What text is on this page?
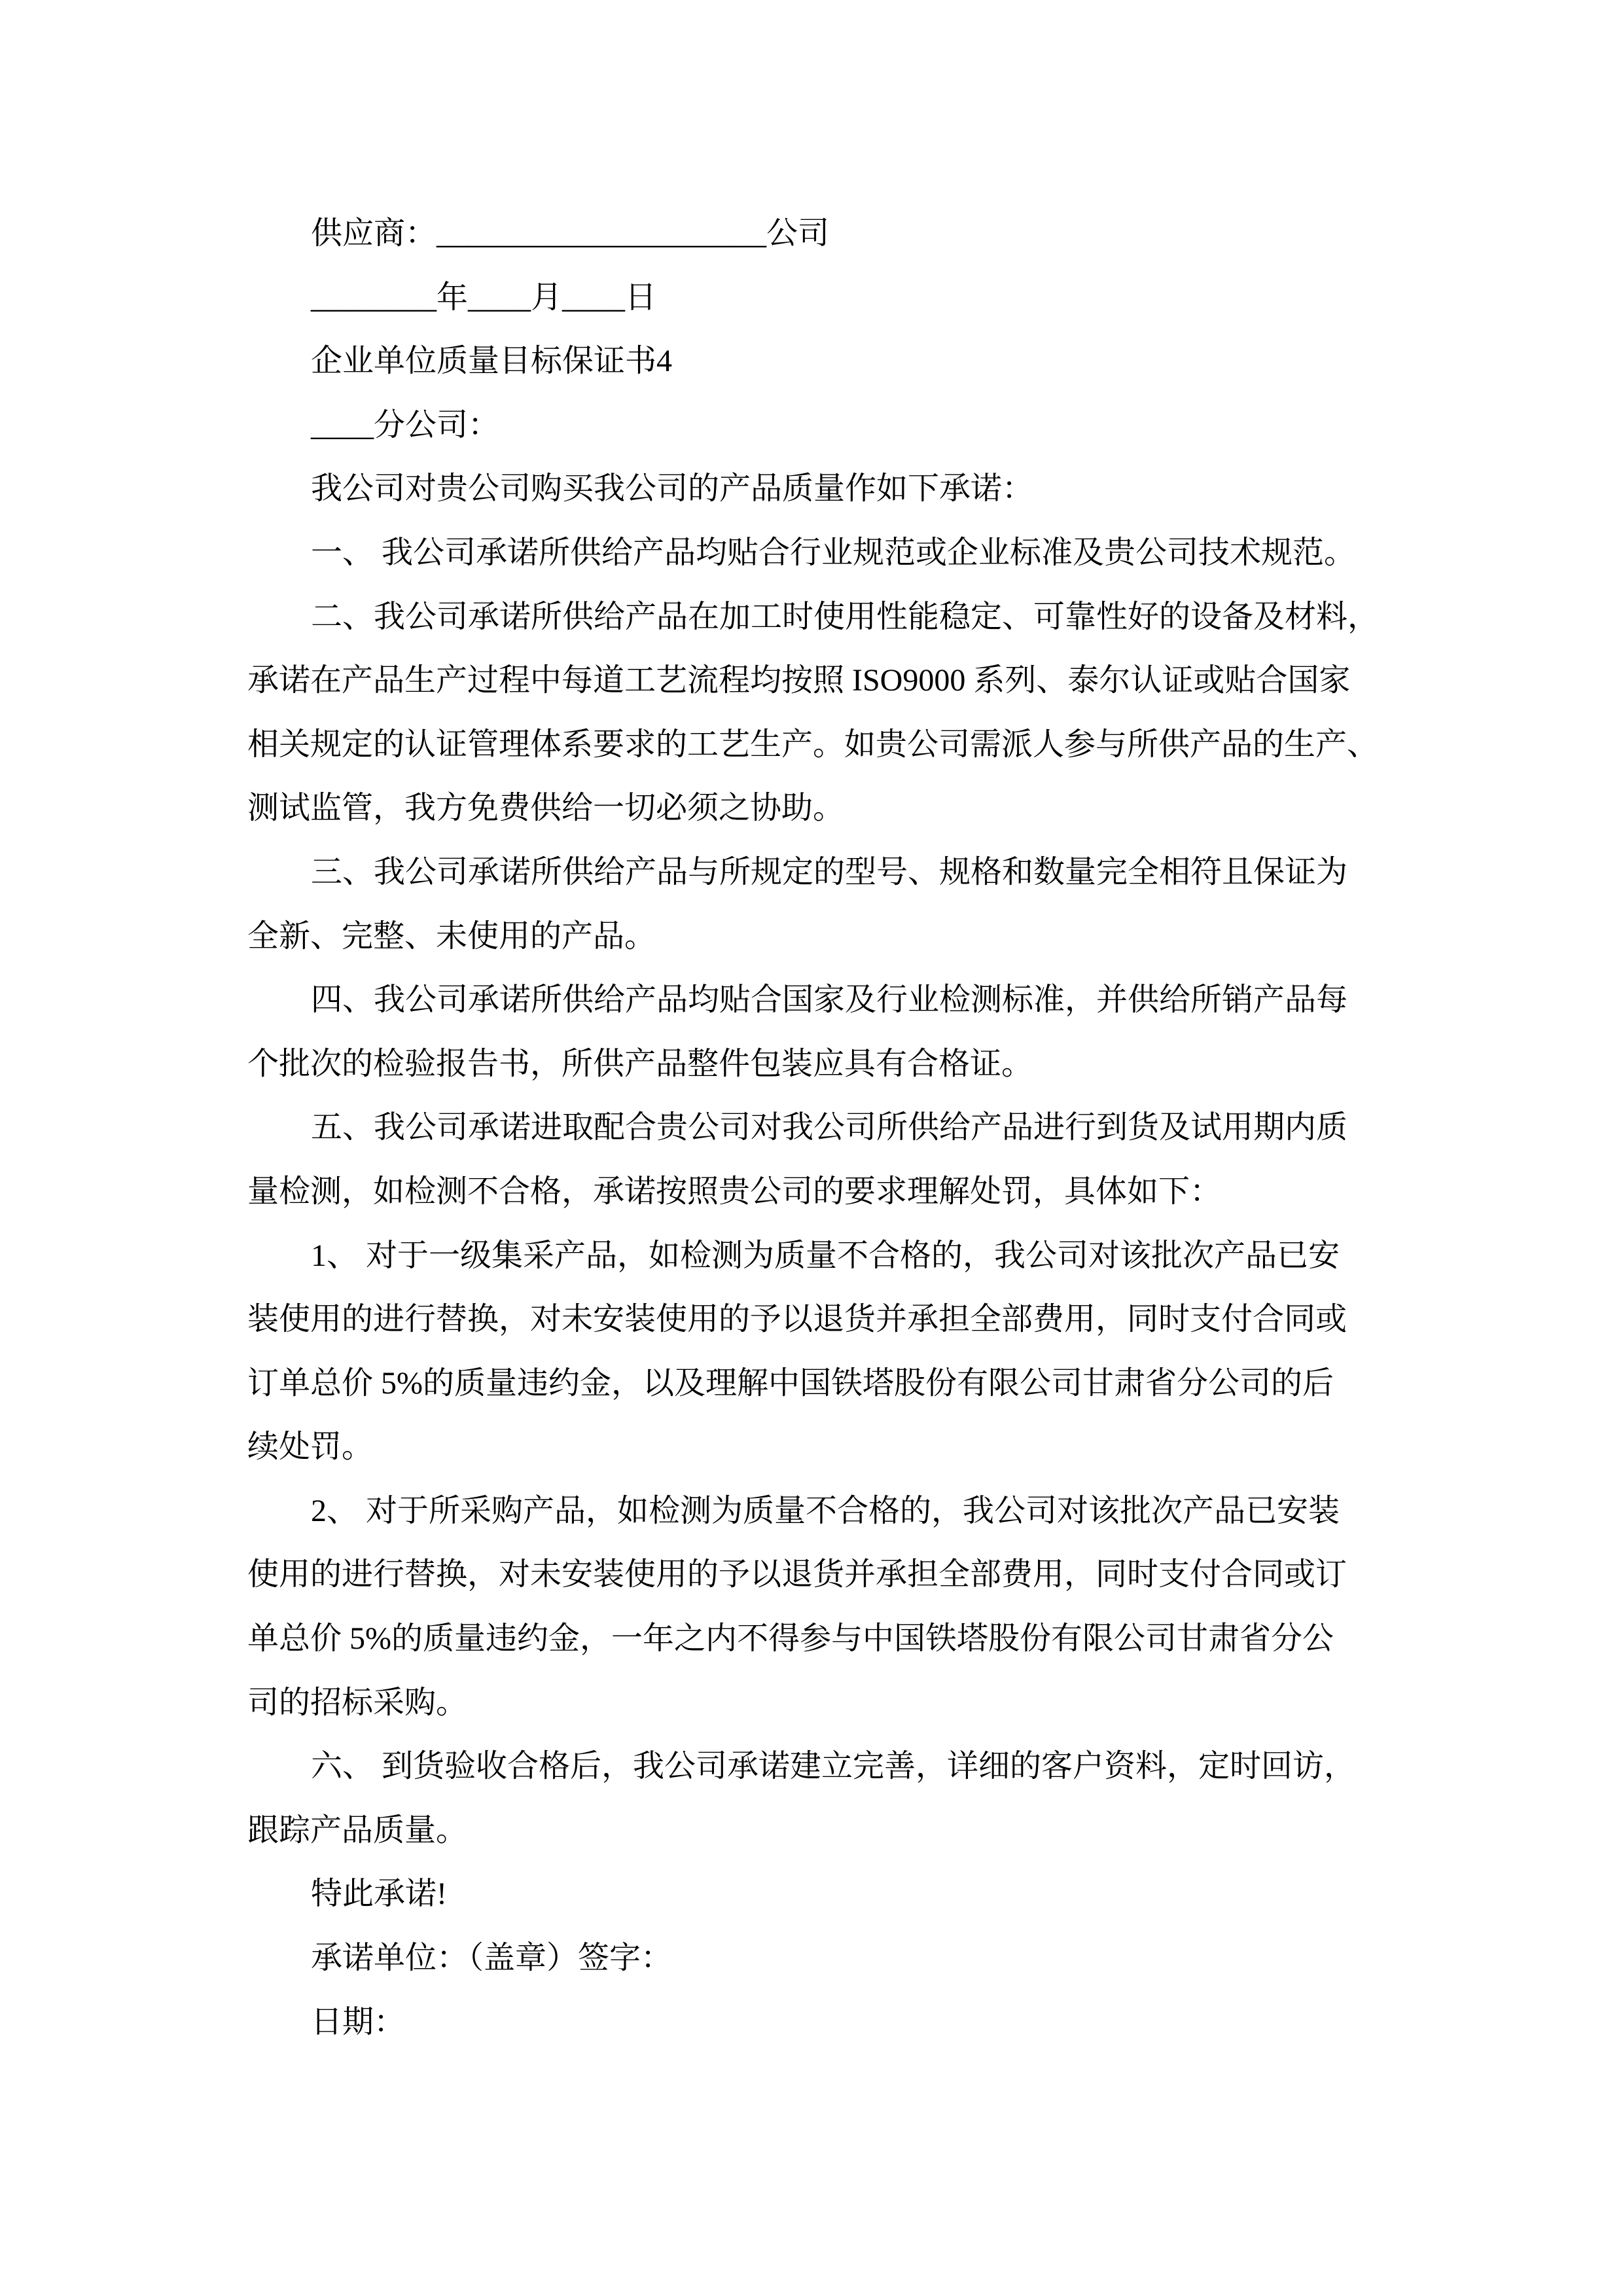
供应商：_____________________公司
________年____月____日
企业单位质量目标保证书4
____分公司：
我公司对贵公司购买我公司的产品质量作如下承诺：
一、 我公司承诺所供给产品均贴合行业规范或企业标准及贵公司技术规范。
二、我公司承诺所供给产品在加工时使用性能稳定、可靠性好的设备及材料，
承诺在产品生产过程中每道工艺流程均按照 ISO9000 系列、泰尔认证或贴合国家
相关规定的认证管理体系要求的工艺生产。如贵公司需派人参与所供产品的生产、
测试监管，我方免费供给一切必须之协助。
三、我公司承诺所供给产品与所规定的型号、规格和数量完全相符且保证为
全新、完整、未使用的产品。
四、我公司承诺所供给产品均贴合国家及行业检测标准，并供给所销产品每
个批次的检验报告书，所供产品整件包装应具有合格证。
五、我公司承诺进取配合贵公司对我公司所供给产品进行到货及试用期内质
量检测，如检测不合格，承诺按照贵公司的要求理解处罚，具体如下：
1、 对于一级集采产品，如检测为质量不合格的，我公司对该批次产品已安
装使用的进行替换，对未安装使用的予以退货并承担全部费用，同时支付合同或
订单总价 5%的质量违约金，以及理解中国铁塔股份有限公司甘肃省分公司的后
续处罚。
2、 对于所采购产品，如检测为质量不合格的，我公司对该批次产品已安装
使用的进行替换，对未安装使用的予以退货并承担全部费用，同时支付合同或订
单总价 5%的质量违约金，一年之内不得参与中国铁塔股份有限公司甘肃省分公
司的招标采购。
六、 到货验收合格后，我公司承诺建立完善，详细的客户资料，定时回访，
跟踪产品质量。
特此承诺!
承诺单位：（盖章）签字：
日期：
